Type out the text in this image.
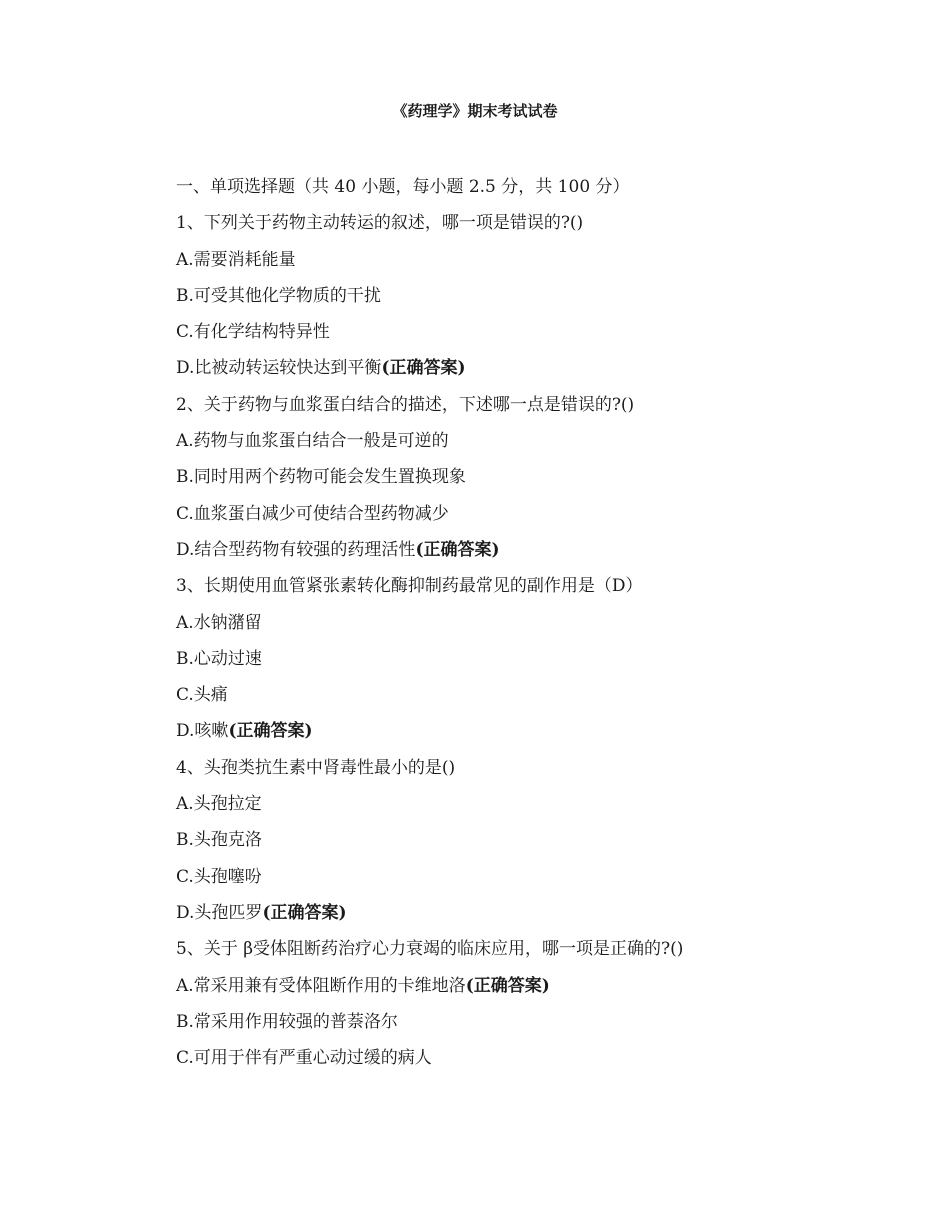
《药理学》期末考试试卷
一、单项选择题（共 40 小题，每小题 2.5 分，共 100 分）
1、下列关于药物主动转运的叙述，哪一项是错误的?()
A.需要消耗能量
B.可受其他化学物质的干扰
C.有化学结构特异性
D.比被动转运较快达到平衡(正确答案)
2、关于药物与血浆蛋白结合的描述，下述哪一点是错误的?()
A.药物与血浆蛋白结合一般是可逆的
B.同时用两个药物可能会发生置换现象
C.血浆蛋白减少可使结合型药物减少
D.结合型药物有较强的药理活性(正确答案)
3、长期使用血管紧张素转化酶抑制药最常见的副作用是（D）
A.水钠潴留
B.心动过速
C.头痛
D.咳嗽(正确答案)
4、头孢类抗生素中肾毒性最小的是()
A.头孢拉定
B.头孢克洛
C.头孢噻吩
D.头孢匹罗(正确答案)
5、关于 β受体阻断药治疗心力衰竭的临床应用，哪一项是正确的?()
A.常采用兼有受体阻断作用的卡维地洛(正确答案)
B.常采用作用较强的普萘洛尔
C.可用于伴有严重心动过缓的病人
